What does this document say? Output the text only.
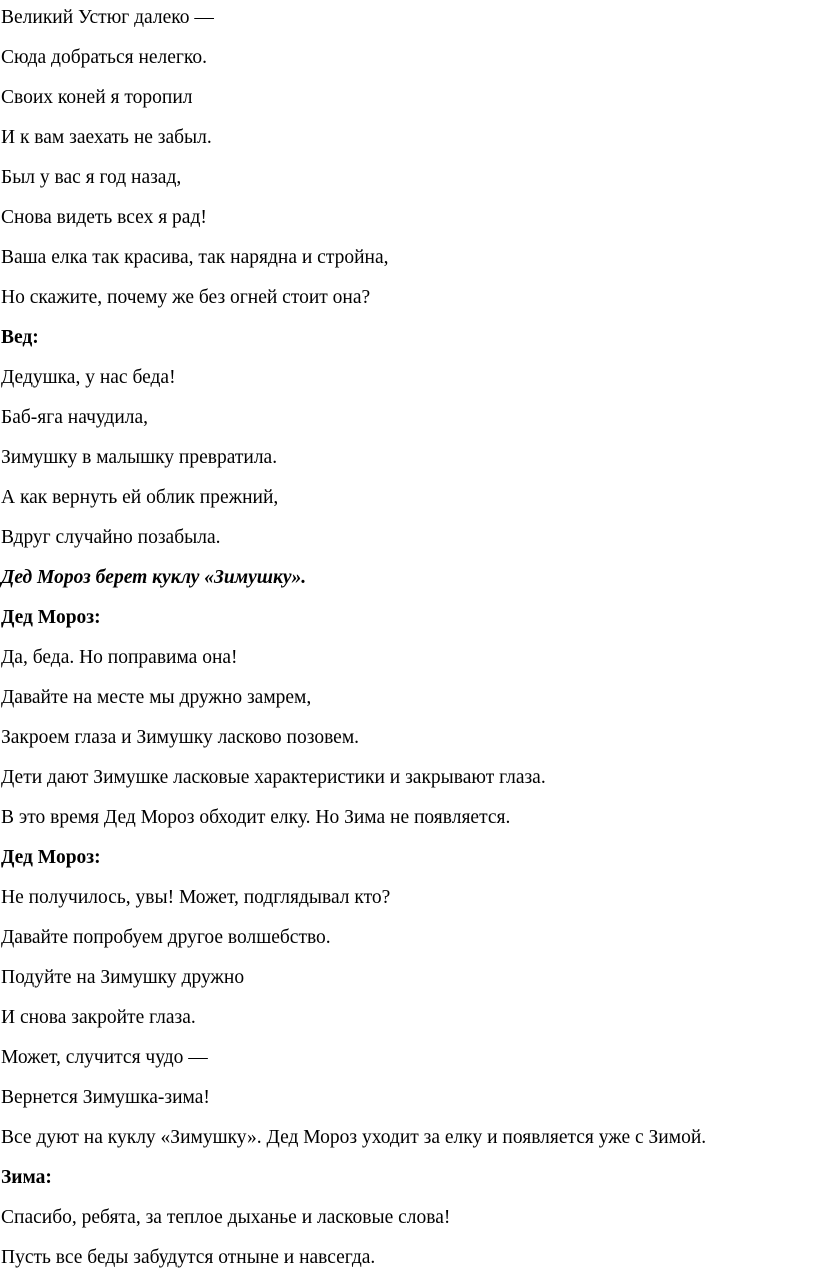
Великий Устюг далеко —

Сюда добраться нелегко.

Своих коней я торопил

И к вам заехать не забыл.

Был у вас я год назад,

Снова видеть всех я рад!

Ваша елка так красива, так нарядна и стройна,

Но скажите, почему же без огней стоит она?

Вед:

Дедушка, у нас беда!

Баб-яга начудила,

Зимушку в малышку превратила.

А как вернуть ей облик прежний,

Вдруг случайно позабыла.

Дед Мороз берет куклу «Зимушку».

Дед Мороз:

Да, беда. Но поправима она!

Давайте на месте мы дружно замрем,

Закроем глаза и Зимушку ласково позовем.

Дети дают Зимушке ласковые характеристики и закрывают глаза.

В это время Дед Мороз обходит елку. Но Зима не появляется.

Дед Мороз:

Не получилось, увы! Может, подглядывал кто?

Давайте попробуем другое волшебство.

Подуйте на Зимушку дружно

И снова закройте глаза.

Может, случится чудо —

Вернется Зимушка-зима!

Все дуют на куклу «Зимушку». Дед Мороз уходит за елку и появляется уже с Зимой.

Зима:

Спасибо, ребята, за теплое дыханье и ласковые слова!

Пусть все беды забудутся отныне и навсегда.
